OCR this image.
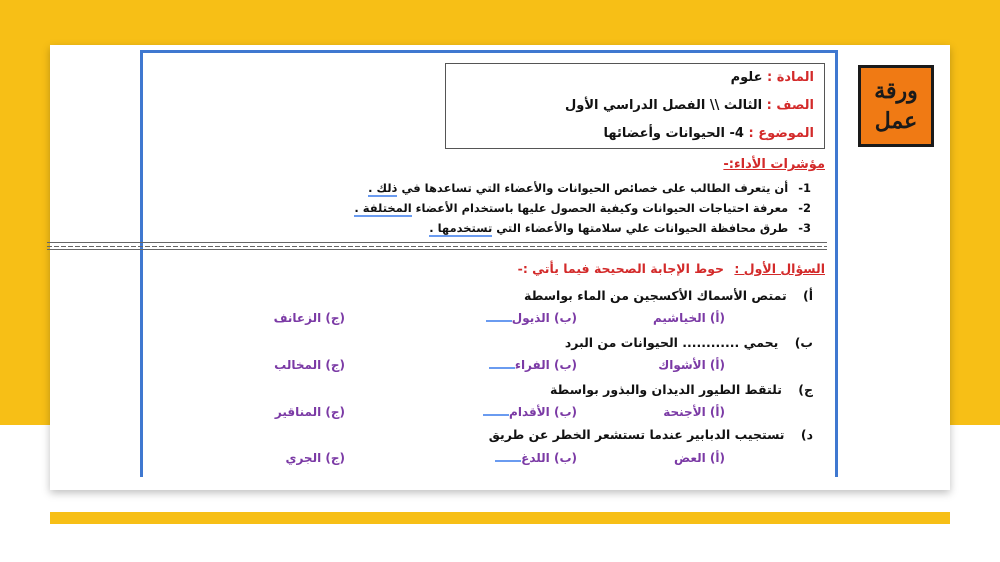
المادة : علوم
الصف : الثالث \\ الفصل الدراسي الأول
الموضوع : 4- الحيوانات وأعضائها
مؤشرات الأداء:-
1- أن يتعرف الطالب على خصائص الحيوانات والأعضاء التي تساعدها في ذلك .
2- معرفة احتياجات الحيوانات وكيفية الحصول عليها باستخدام الأعضاء المختلفة .
3- طرق محافظة الحيوانات علي سلامتها والأعضاء التي تستخدمها .
السؤال الأول : حوط الإجابة الصحيحة فيما يأتي :-
أ) تمتص الأسماك الأكسجين من الماء بواسطة
(أ) الخياشيم
(ب) الذيول
(ج) الزعانف
ب) يحمي ............ الحيوانات من البرد
(أ) الأشواك
(ب) الفراء
(ج) المخالب
ج) تلتقط الطيور الديدان والبذور بواسطة
(أ) الأجنحة
(ب) الأقدام
(ج) المناقير
د) تستجيب الدبابير عندما تستشعر الخطر عن طريق
(أ) العض
(ب) اللدغ
(ج) الجري
ورقة
عمل
